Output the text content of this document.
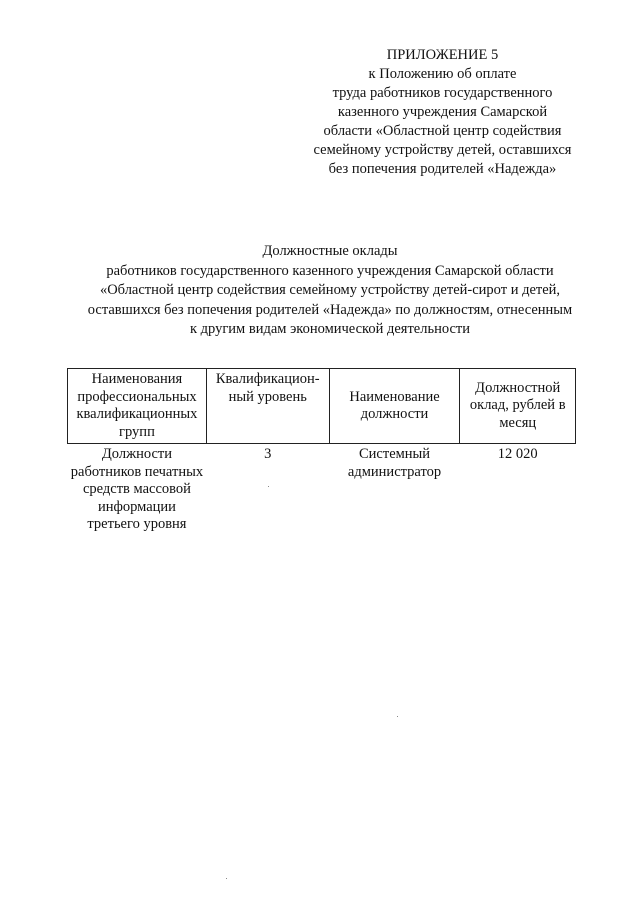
ПРИЛОЖЕНИЕ 5
к Положению об оплате
труда работников государственного
казенного учреждения Самарской
области «Областной центр содействия
семейному устройству детей, оставшихся
без попечения родителей «Надежда»
Должностные оклады
работников государственного казенного учреждения Самарской области
«Областной центр содействия семейному устройству детей-сирот и детей,
оставшихся без попечения родителей «Надежда» по должностям, отнесенным
к другим видам экономической деятельности
Наименования профессиональных квалификационных групп	Квалификацион-ный уровень	Наименование должности	Должностной оклад, рублей в месяц
Должности работников печатных средств массовой информации третьего уровня	3	Системный администратор	12 020
